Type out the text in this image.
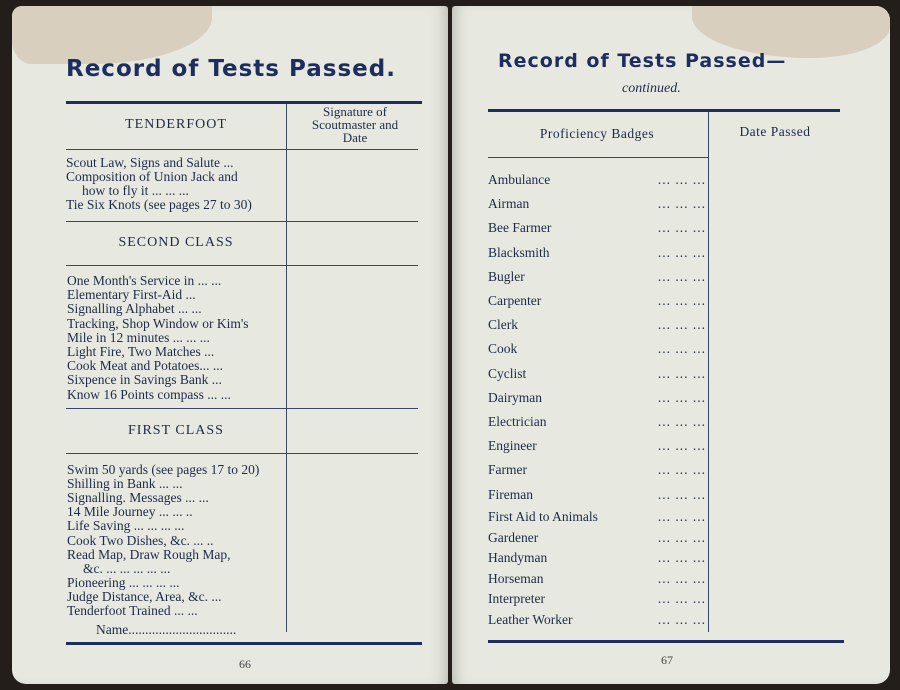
Record of Tests Passed.
TENDERFOOT
Signature of
Scoutmaster and
Date
Scout Law, Signs and Salute ...
Composition of Union Jack and
how to fly it ... ... ...
Tie Six Knots (see pages 27 to 30)
SECOND CLASS
One Month's Service in ... ...
Elementary First-Aid ...
Signalling Alphabet ... ...
Tracking, Shop Window or Kim's
Mile in 12 minutes ... ... ...
Light Fire, Two Matches ...
Cook Meat and Potatoes... ...
Sixpence in Savings Bank ...
Know 16 Points compass ... ...
FIRST CLASS
Swim 50 yards (see pages 17 to 20)
Shilling in Bank ... ...
Signalling. Messages ... ...
14 Mile Journey ... ... ..
Life Saving ... ... ... ...
Cook Two Dishes, &c. ... ..
Read Map, Draw Rough Map,
&c. ... ... ... ... ...
Pioneering ... ... ... ...
Judge Distance, Area, &c. ...
Tenderfoot Trained ... ...
Name................................
66
Record of Tests Passed—
continued.
Proficiency Badges	Date Passed
Ambulance	... ... ...
Airman	... ... ...
Bee Farmer	... ... ...
Blacksmith	... ... ...
Bugler	... ... ...
Carpenter	... ... ...
Clerk	... ... ...
Cook	... ... ...
Cyclist	... ... ...
Dairyman	... ... ...
Electrician	... ... ...
Engineer	... ... ...
Farmer	... ... ...
Fireman	... ... ...
First Aid to Animals	... ... ...
Gardener	... ... ...
Handyman	... ... ...
Horseman	... ... ...
Interpreter	... ... ...
Leather Worker	... ... ...
67
